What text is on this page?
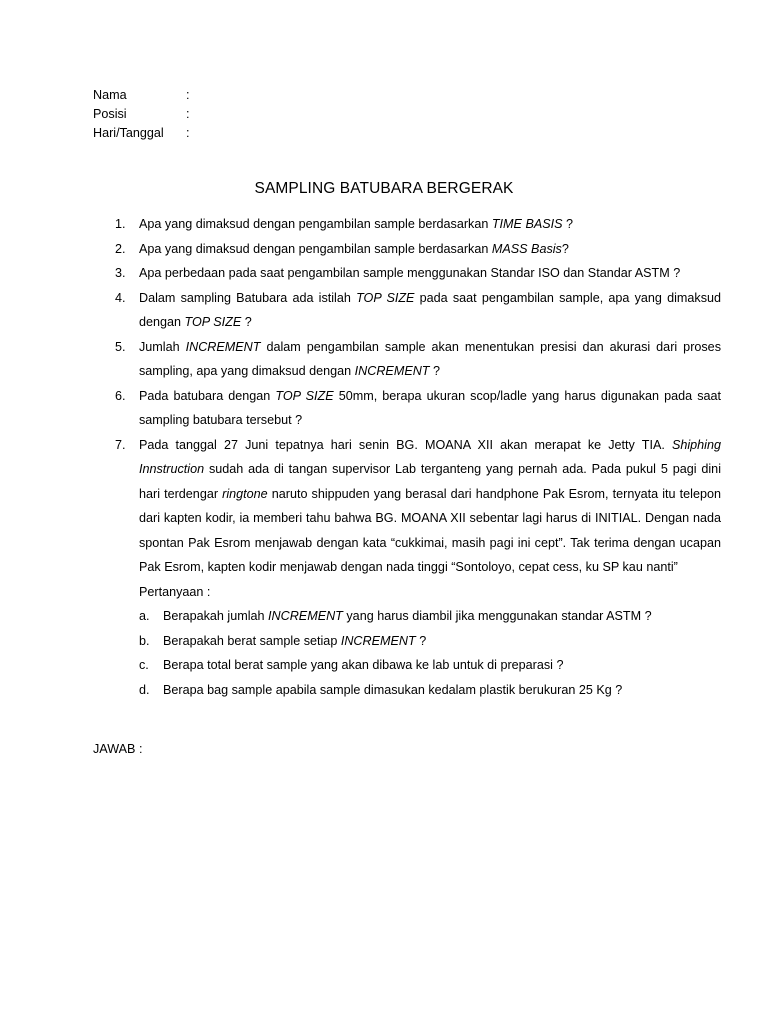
Nama	:
Posisi	:
Hari/Tanggal	:
SAMPLING BATUBARA BERGERAK
1.	Apa yang dimaksud dengan pengambilan sample berdasarkan TIME BASIS ?
2.	Apa yang dimaksud dengan pengambilan sample berdasarkan MASS Basis?
3.	Apa perbedaan pada saat pengambilan sample menggunakan Standar ISO dan Standar ASTM ?
4.	Dalam sampling Batubara ada istilah TOP SIZE pada saat pengambilan sample, apa yang dimaksud dengan TOP SIZE ?
5.	Jumlah INCREMENT dalam pengambilan sample akan menentukan presisi dan akurasi dari proses sampling, apa yang dimaksud dengan INCREMENT ?
6.	Pada batubara dengan TOP SIZE 50mm, berapa ukuran scop/ladle yang harus digunakan pada saat sampling batubara tersebut ?
7.	Pada tanggal 27 Juni tepatnya hari senin BG. MOANA XII akan merapat ke Jetty TIA. Shiphing Innstruction sudah ada di tangan supervisor Lab terganteng yang pernah ada. Pada pukul 5 pagi dini hari terdengar ringtone naruto shippuden yang berasal dari handphone Pak Esrom, ternyata itu telepon dari kapten kodir, ia memberi tahu bahwa BG. MOANA XII sebentar lagi harus di INITIAL. Dengan nada spontan Pak Esrom menjawab dengan kata “cukkimai, masih pagi ini cept”. Tak terima dengan ucapan Pak Esrom, kapten kodir menjawab dengan nada tinggi “Sontoloyo, cepat cess, ku SP kau nanti”
Pertanyaan :
a.	Berapakah jumlah INCREMENT yang harus diambil jika menggunakan standar ASTM ?
b.	Berapakah berat sample setiap INCREMENT ?
c.	Berapa total berat sample yang akan dibawa ke lab untuk di preparasi ?
d.	Berapa bag sample apabila sample dimasukan kedalam plastik berukuran 25 Kg ?
JAWAB :
